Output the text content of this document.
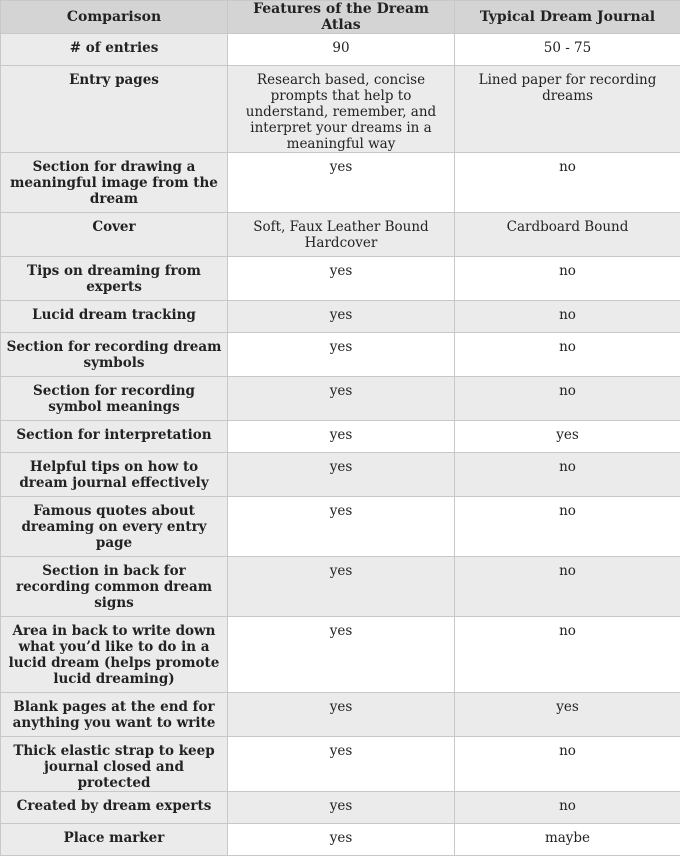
Comparison	Features of the Dream Atlas	Typical Dream Journal
# of entries	90	50 - 75
Entry pages	Research based, concise prompts that help to understand, remember, and interpret your dreams in a meaningful way	Lined paper for recording dreams
Section for drawing a meaningful image from the dream	yes	no
Cover	Soft, Faux Leather Bound Hardcover	Cardboard Bound
Tips on dreaming from experts	yes	no
Lucid dream tracking	yes	no
Section for recording dream symbols	yes	no
Section for recording symbol meanings	yes	no
Section for interpretation	yes	yes
Helpful tips on how to dream journal effectively	yes	no
Famous quotes about dreaming on every entry page	yes	no
Section in back for recording common dream signs	yes	no
Area in back to write down what you’d like to do in a lucid dream (helps promote lucid dreaming)	yes	no
Blank pages at the end for anything you want to write	yes	yes
Thick elastic strap to keep journal closed and protected	yes	no
Created by dream experts	yes	no
Place marker	yes	maybe
